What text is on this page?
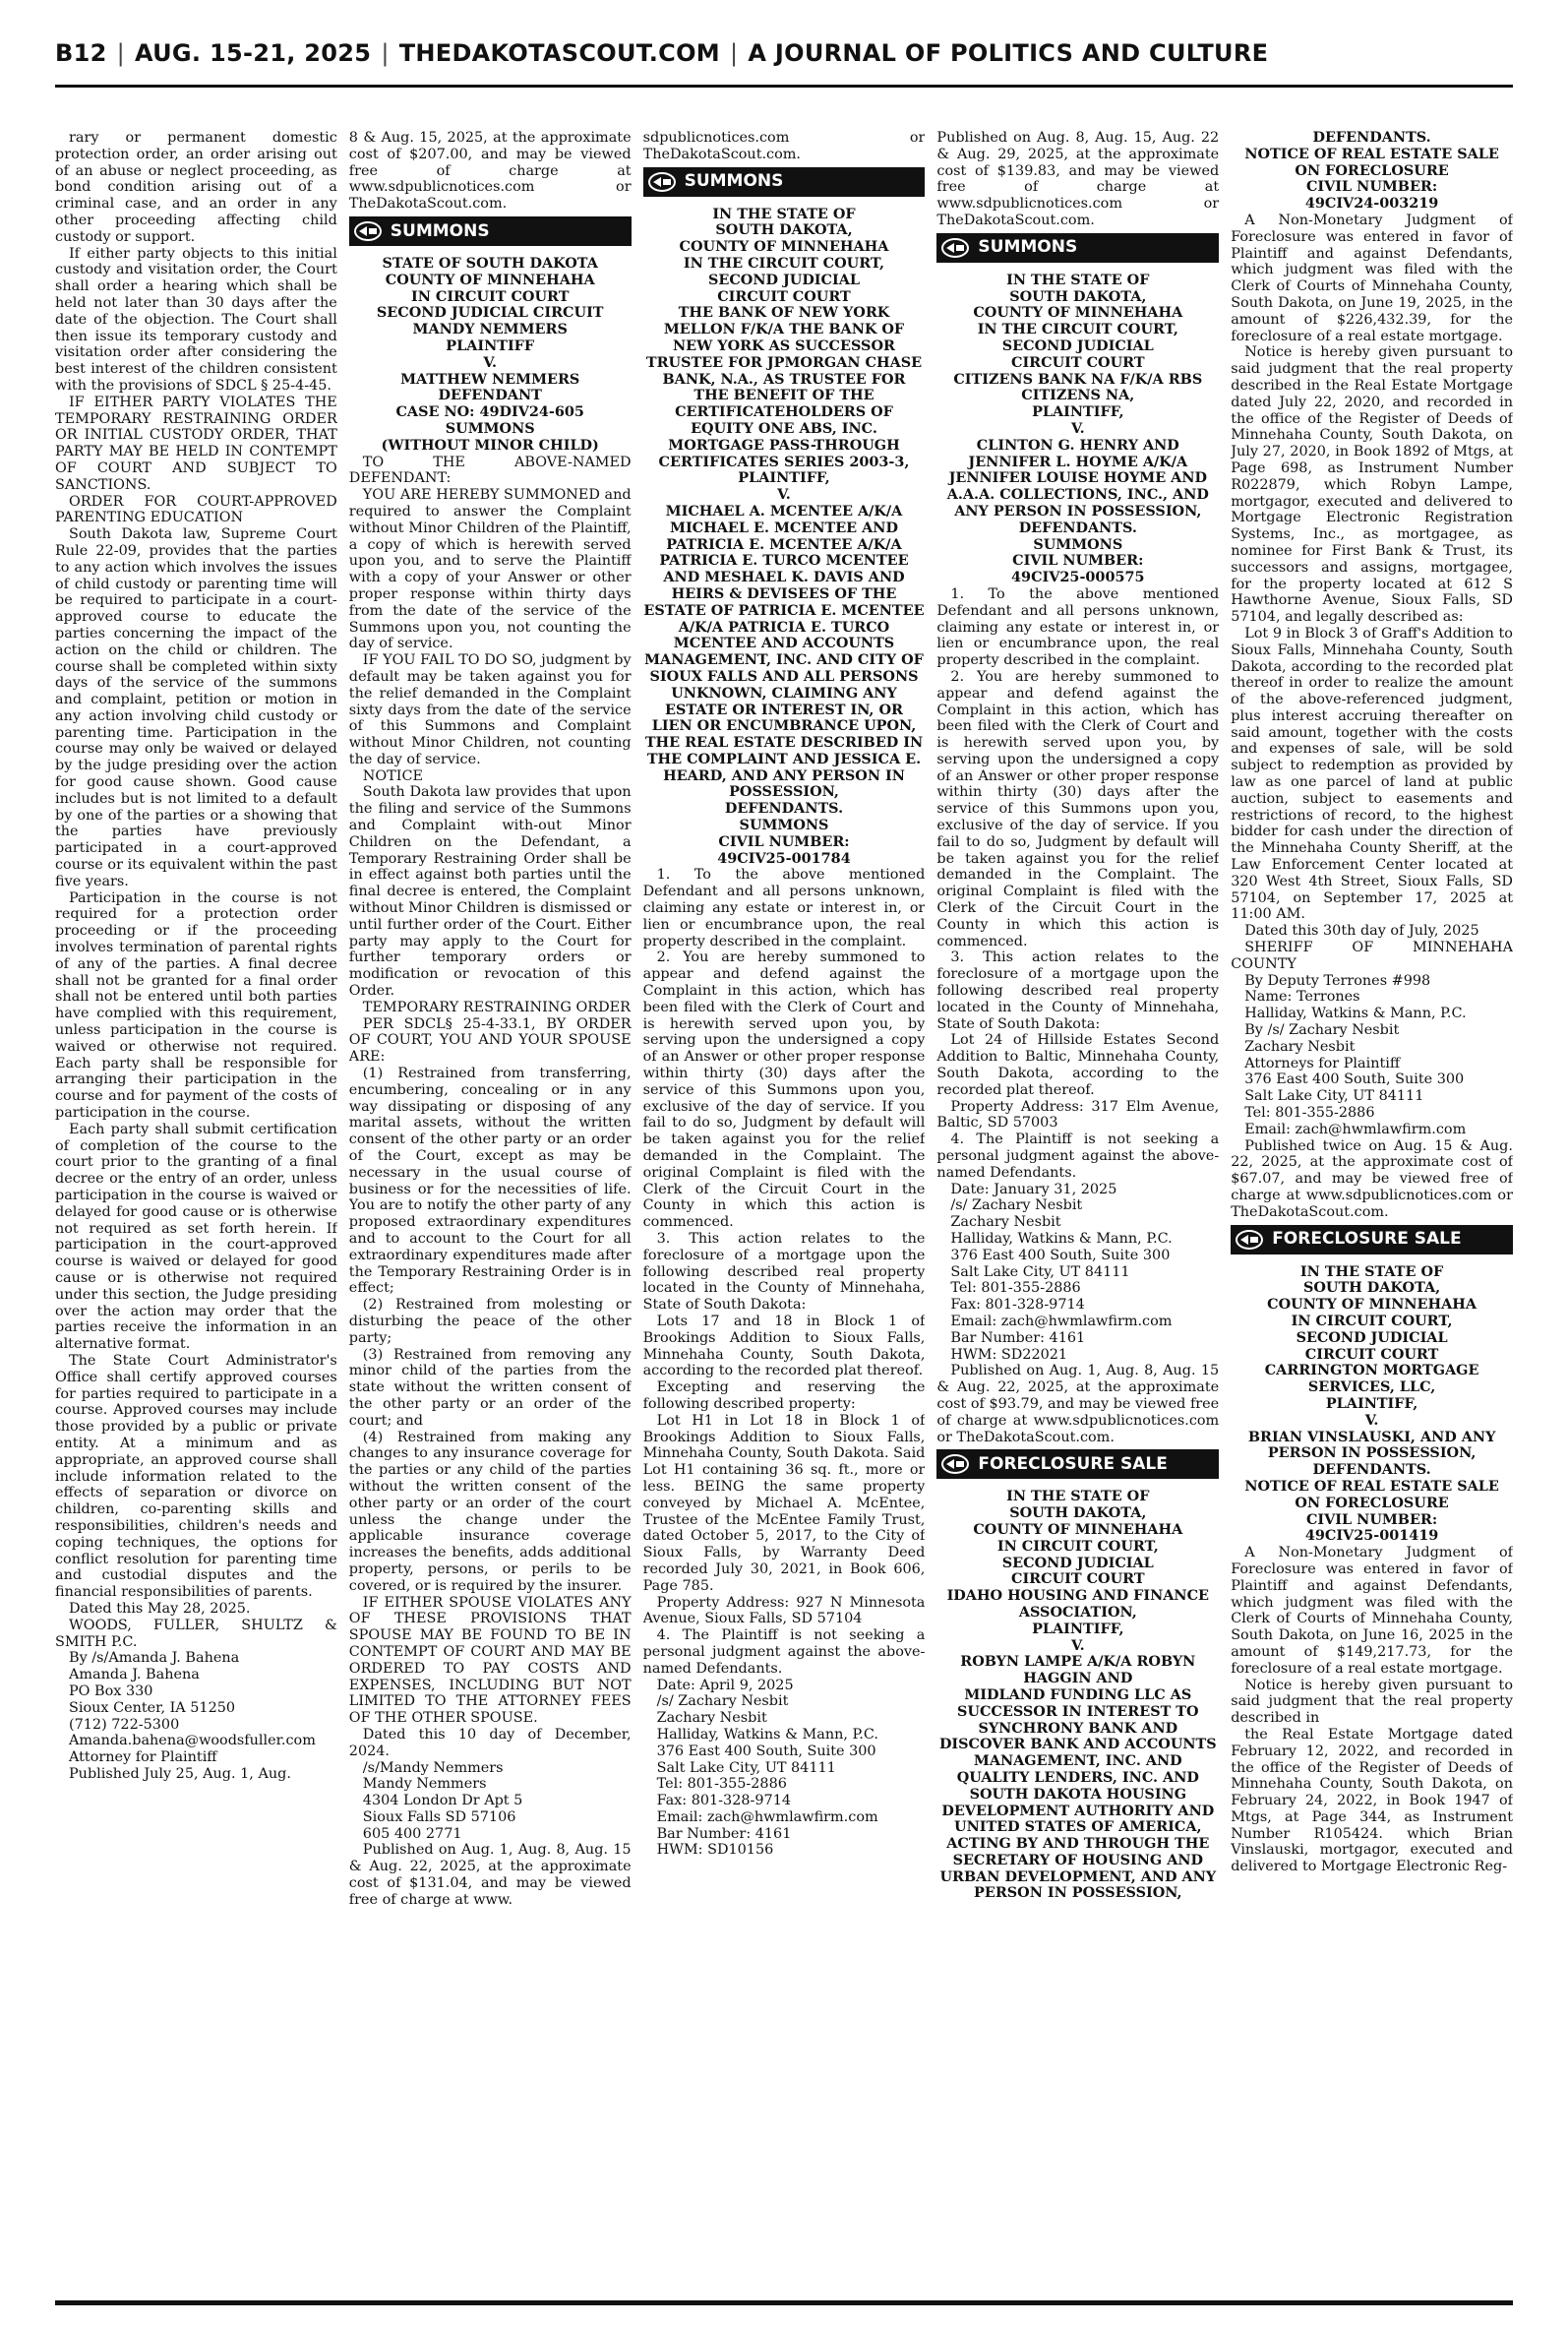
B12 | AUG. 15-21, 2025 | THEDAKOTASCOUT.COM | A JOURNAL OF POLITICS AND CULTURE

rary or permanent domestic protection order, an order arising out of an abuse or neglect proceeding, as bond condition arising out of a criminal case, and an order in any other proceeding affecting child custody or support.

If either party objects to this initial custody and visitation order, the Court shall order a hearing which shall be held not later than 30 days after the date of the objection. The Court shall then issue its temporary custody and visitation order after considering the best interest of the children consistent with the provisions of SDCL § 25-4-45.

IF EITHER PARTY VIOLATES THE TEMPORARY RESTRAINING ORDER OR INITIAL CUSTODY ORDER, THAT PARTY MAY BE HELD IN CONTEMPT OF COURT AND SUBJECT TO SANCTIONS.

ORDER FOR COURT-APPROVED PARENTING EDUCATION

South Dakota law, Supreme Court Rule 22-09, provides that the parties to any action which involves the issues of child custody or parenting time will be required to participate in a court-approved course to educate the parties concerning the impact of the action on the child or children. The course shall be completed within sixty days of the service of the summons and complaint, petition or motion in any action involving child custody or parenting time. Participation in the course may only be waived or delayed by the judge presiding over the action for good cause shown. Good cause includes but is not limited to a default by one of the parties or a showing that the parties have previously participated in a court-approved course or its equivalent within the past five years.

Participation in the course is not required for a protection order proceeding or if the proceeding involves termination of parental rights of any of the parties. A final decree shall not be granted for a final order shall not be entered until both parties have complied with this requirement, unless participation in the course is waived or otherwise not required. Each party shall be responsible for arranging their participation in the course and for payment of the costs of participation in the course.

Each party shall submit certification of completion of the course to the court prior to the granting of a final decree or the entry of an order, unless participation in the course is waived or delayed for good cause or is otherwise not required as set forth herein. If participation in the court-approved course is waived or delayed for good cause or is otherwise not required under this section, the Judge presiding over the action may order that the parties receive the information in an alternative format.

The State Court Administrator's Office shall certify approved courses for parties required to participate in a course. Approved courses may include those provided by a public or private entity. At a minimum and as appropriate, an approved course shall include information related to the effects of separation or divorce on children, co-parenting skills and responsibilities, children's needs and coping techniques, the options for conflict resolution for parenting time and custodial disputes and the financial responsibilities of parents.

Dated this May 28, 2025.

WOODS, FULLER, SHULTZ & SMITH P.C.

By /s/Amanda J. Bahena

Amanda J. Bahena

PO Box 330

Sioux Center, IA 51250

(712) 722-5300

Amanda.bahena@woodsfuller.com

Attorney for Plaintiff

Published July 25, Aug. 1, Aug.

8 & Aug. 15, 2025, at the approximate cost of $207.00, and may be viewed free of charge at www.sdpublicnotices.com or TheDakotaScout.com.

SUMMONS

STATE OF SOUTH DAKOTA

COUNTY OF MINNEHAHA

IN CIRCUIT COURT

SECOND JUDICIAL CIRCUIT

MANDY NEMMERS

PLAINTIFF

V.

MATTHEW NEMMERS

DEFENDANT

CASE NO: 49DIV24-605

SUMMONS

(WITHOUT MINOR CHILD)

TO THE ABOVE-NAMED DEFENDANT:

YOU ARE HEREBY SUMMONED and required to answer the Complaint without Minor Children of the Plaintiff, a copy of which is herewith served upon you, and to serve the Plaintiff with a copy of your Answer or other proper response within thirty days from the date of the service of the Summons upon you, not counting the day of service.

IF YOU FAIL TO DO SO, judgment by default may be taken against you for the relief demanded in the Complaint sixty days from the date of the service of this Summons and Complaint without Minor Children, not counting the day of service.

NOTICE

South Dakota law provides that upon the filing and service of the Summons and Complaint with-out Minor Children on the Defendant, a Temporary Restraining Order shall be in effect against both parties until the final decree is entered, the Complaint without Minor Children is dismissed or until further order of the Court. Either party may apply to the Court for further temporary orders or modification or revocation of this Order.

TEMPORARY RESTRAINING ORDER

PER SDCL§ 25-4-33.1, BY ORDER OF COURT, YOU AND YOUR SPOUSE ARE:

(1) Restrained from transferring, encumbering, concealing or in any way dissipating or disposing of any marital assets, without the written consent of the other party or an order of the Court, except as may be necessary in the usual course of business or for the necessities of life. You are to notify the other party of any proposed extraordinary expenditures and to account to the Court for all extraordinary expenditures made after the Temporary Restraining Order is in effect;

(2) Restrained from molesting or disturbing the peace of the other party;

(3) Restrained from removing any minor child of the parties from the state without the written consent of the other party or an order of the court; and

(4) Restrained from making any changes to any insurance coverage for the parties or any child of the parties without the written consent of the other party or an order of the court unless the change under the applicable insurance coverage increases the benefits, adds additional property, persons, or perils to be covered, or is required by the insurer.

IF EITHER SPOUSE VIOLATES ANY OF THESE PROVISIONS THAT SPOUSE MAY BE FOUND TO BE IN CONTEMPT OF COURT AND MAY BE ORDERED TO PAY COSTS AND EXPENSES, INCLUDING BUT NOT LIMITED TO THE ATTORNEY FEES OF THE OTHER SPOUSE.

Dated this 10 day of December, 2024.

/s/Mandy Nemmers

Mandy Nemmers

4304 London Dr Apt 5

Sioux Falls SD 57106

605 400 2771

Published on Aug. 1, Aug. 8, Aug. 15 & Aug. 22, 2025, at the approximate cost of $131.04, and may be viewed free of charge at www.

sdpublicnotices.com or TheDakotaScout.com.

SUMMONS

IN THE STATE OF

SOUTH DAKOTA,

COUNTY OF MINNEHAHA

IN THE CIRCUIT COURT,

SECOND JUDICIAL

CIRCUIT COURT

THE BANK OF NEW YORK MELLON F/K/A THE BANK OF NEW YORK AS SUCCESSOR TRUSTEE FOR JPMORGAN CHASE BANK, N.A., AS TRUSTEE FOR THE BENEFIT OF THE CERTIFICATEHOLDERS OF EQUITY ONE ABS, INC. MORTGAGE PASS-THROUGH CERTIFICATES SERIES 2003-3,

PLAINTIFF,

V.

MICHAEL A. MCENTEE A/K/A MICHAEL E. MCENTEE AND PATRICIA E. MCENTEE A/K/A PATRICIA E. TURCO MCENTEE AND MESHAEL K. DAVIS AND HEIRS & DEVISEES OF THE ESTATE OF PATRICIA E. MCENTEE A/K/A PATRICIA E. TURCO MCENTEE AND ACCOUNTS MANAGEMENT, INC. AND CITY OF SIOUX FALLS AND ALL PERSONS UNKNOWN, CLAIMING ANY ESTATE OR INTEREST IN, OR LIEN OR ENCUMBRANCE UPON, THE REAL ESTATE DESCRIBED IN THE COMPLAINT AND JESSICA E. HEARD, AND ANY PERSON IN POSSESSION,

DEFENDANTS.

SUMMONS

CIVIL NUMBER:

49CIV25-001784

1. To the above mentioned Defendant and all persons unknown, claiming any estate or interest in, or lien or encumbrance upon, the real property described in the complaint.

2. You are hereby summoned to appear and defend against the Complaint in this action, which has been filed with the Clerk of Court and is herewith served upon you, by serving upon the undersigned a copy of an Answer or other proper response within thirty (30) days after the service of this Summons upon you, exclusive of the day of service. If you fail to do so, Judgment by default will be taken against you for the relief demanded in the Complaint. The original Complaint is filed with the Clerk of the Circuit Court in the County in which this action is commenced.

3. This action relates to the foreclosure of a mortgage upon the following described real property located in the County of Minnehaha, State of South Dakota:

Lots 17 and 18 in Block 1 of Brookings Addition to Sioux Falls, Minnehaha County, South Dakota, according to the recorded plat thereof.

Excepting and reserving the following described property:

Lot H1 in Lot 18 in Block 1 of Brookings Addition to Sioux Falls, Minnehaha County, South Dakota. Said Lot H1 containing 36 sq. ft., more or less. BEING the same property conveyed by Michael A. McEntee, Trustee of the McEntee Family Trust, dated October 5, 2017, to the City of Sioux Falls, by Warranty Deed recorded July 30, 2021, in Book 606, Page 785.

Property Address: 927 N Minnesota Avenue, Sioux Falls, SD 57104

4. The Plaintiff is not seeking a personal judgment against the above-named Defendants.

Date: April 9, 2025

/s/ Zachary Nesbit

Zachary Nesbit

Halliday, Watkins & Mann, P.C.

376 East 400 South, Suite 300

Salt Lake City, UT 84111

Tel: 801-355-2886

Fax: 801-328-9714

Email: zach@hwmlawfirm.com

Bar Number: 4161

HWM: SD10156

Published on Aug. 8, Aug. 15, Aug. 22 & Aug. 29, 2025, at the approximate cost of $139.83, and may be viewed free of charge at www.sdpublicnotices.com or TheDakotaScout.com.

SUMMONS

IN THE STATE OF

SOUTH DAKOTA,

COUNTY OF MINNEHAHA

IN THE CIRCUIT COURT,

SECOND JUDICIAL

CIRCUIT COURT

CITIZENS BANK NA F/K/A RBS CITIZENS NA,

PLAINTIFF,

V.

CLINTON G. HENRY AND JENNIFER L. HOYME A/K/A JENNIFER LOUISE HOYME AND A.A.A. COLLECTIONS, INC., AND ANY PERSON IN POSSESSION,

DEFENDANTS.

SUMMONS

CIVIL NUMBER:

49CIV25-000575

1. To the above mentioned Defendant and all persons unknown, claiming any estate or interest in, or lien or encumbrance upon, the real property described in the complaint.

2. You are hereby summoned to appear and defend against the Complaint in this action, which has been filed with the Clerk of Court and is herewith served upon you, by serving upon the undersigned a copy of an Answer or other proper response within thirty (30) days after the service of this Summons upon you, exclusive of the day of service. If you fail to do so, Judgment by default will be taken against you for the relief demanded in the Complaint. The original Complaint is filed with the Clerk of the Circuit Court in the County in which this action is commenced.

3. This action relates to the foreclosure of a mortgage upon the following described real property located in the County of Minnehaha, State of South Dakota:

Lot 24 of Hillside Estates Second Addition to Baltic, Minnehaha County, South Dakota, according to the recorded plat thereof.

Property Address: 317 Elm Avenue, Baltic, SD 57003

4. The Plaintiff is not seeking a personal judgment against the above-named Defendants.

Date: January 31, 2025

/s/ Zachary Nesbit

Zachary Nesbit

Halliday, Watkins & Mann, P.C.

376 East 400 South, Suite 300

Salt Lake City, UT 84111

Tel: 801-355-2886

Fax: 801-328-9714

Email: zach@hwmlawfirm.com

Bar Number: 4161

HWM: SD22021

Published on Aug. 1, Aug. 8, Aug. 15 & Aug. 22, 2025, at the approximate cost of $93.79, and may be viewed free of charge at www.sdpublicnotices.com or TheDakotaScout.com.

FORECLOSURE SALE

IN THE STATE OF

SOUTH DAKOTA,

COUNTY OF MINNEHAHA

IN CIRCUIT COURT,

SECOND JUDICIAL

CIRCUIT COURT

IDAHO HOUSING AND FINANCE ASSOCIATION,

PLAINTIFF,

V.

ROBYN LAMPE A/K/A ROBYN HAGGIN AND

MIDLAND FUNDING LLC AS SUCCESSOR IN INTEREST TO SYNCHRONY BANK AND DISCOVER BANK AND ACCOUNTS MANAGEMENT, INC. AND QUALITY LENDERS, INC. AND SOUTH DAKOTA HOUSING DEVELOPMENT AUTHORITY AND

UNITED STATES OF AMERICA, ACTING BY AND THROUGH THE SECRETARY OF HOUSING AND URBAN DEVELOPMENT, AND ANY PERSON IN POSSESSION,

DEFENDANTS.

NOTICE OF REAL ESTATE SALE ON FORECLOSURE

CIVIL NUMBER:

49CIV24-003219

A Non-Monetary Judgment of Foreclosure was entered in favor of Plaintiff and against Defendants, which judgment was filed with the Clerk of Courts of Minnehaha County, South Dakota, on June 19, 2025, in the amount of $226,432.39, for the foreclosure of a real estate mortgage.

Notice is hereby given pursuant to said judgment that the real property described in the Real Estate Mortgage dated July 22, 2020, and recorded in the office of the Register of Deeds of Minnehaha County, South Dakota, on July 27, 2020, in Book 1892 of Mtgs, at Page 698, as Instrument Number R022879, which Robyn Lampe, mortgagor, executed and delivered to Mortgage Electronic Registration Systems, Inc., as mortgagee, as nominee for First Bank & Trust, its successors and assigns, mortgagee, for the property located at 612 S Hawthorne Avenue, Sioux Falls, SD 57104, and legally described as:

Lot 9 in Block 3 of Graff's Addition to Sioux Falls, Minnehaha County, South Dakota, according to the recorded plat thereof in order to realize the amount of the above-referenced judgment, plus interest accruing thereafter on said amount, together with the costs and expenses of sale, will be sold subject to redemption as provided by law as one parcel of land at public auction, subject to easements and restrictions of record, to the highest bidder for cash under the direction of the Minnehaha County Sheriff, at the Law Enforcement Center located at 320 West 4th Street, Sioux Falls, SD 57104, on September 17, 2025 at 11:00 AM.

Dated this 30th day of July, 2025

SHERIFF OF MINNEHAHA COUNTY

By Deputy Terrones #998

Name: Terrones

Halliday, Watkins & Mann, P.C.

By /s/ Zachary Nesbit

Zachary Nesbit

Attorneys for Plaintiff

376 East 400 South, Suite 300

Salt Lake City, UT 84111

Tel: 801-355-2886

Email: zach@hwmlawfirm.com

Published twice on Aug. 15 & Aug. 22, 2025, at the approximate cost of $67.07, and may be viewed free of charge at www.sdpublicnotices.com or TheDakotaScout.com.

FORECLOSURE SALE

IN THE STATE OF

SOUTH DAKOTA,

COUNTY OF MINNEHAHA

IN CIRCUIT COURT,

SECOND JUDICIAL

CIRCUIT COURT

CARRINGTON MORTGAGE SERVICES, LLC,

PLAINTIFF,

V.

BRIAN VINSLAUSKI, AND ANY PERSON IN POSSESSION,

DEFENDANTS.

NOTICE OF REAL ESTATE SALE ON FORECLOSURE

CIVIL NUMBER:

49CIV25-001419

A Non-Monetary Judgment of Foreclosure was entered in favor of Plaintiff and against Defendants, which judgment was filed with the Clerk of Courts of Minnehaha County, South Dakota, on June 16, 2025 in the amount of $149,217.73, for the foreclosure of a real estate mortgage.

Notice is hereby given pursuant to said judgment that the real property described in

the Real Estate Mortgage dated February 12, 2022, and recorded in the office of the Register of Deeds of Minnehaha County, South Dakota, on February 24, 2022, in Book 1947 of Mtgs, at Page 344, as Instrument Number R105424. which Brian Vinslauski, mortgagor, executed and delivered to Mortgage Electronic Reg-
